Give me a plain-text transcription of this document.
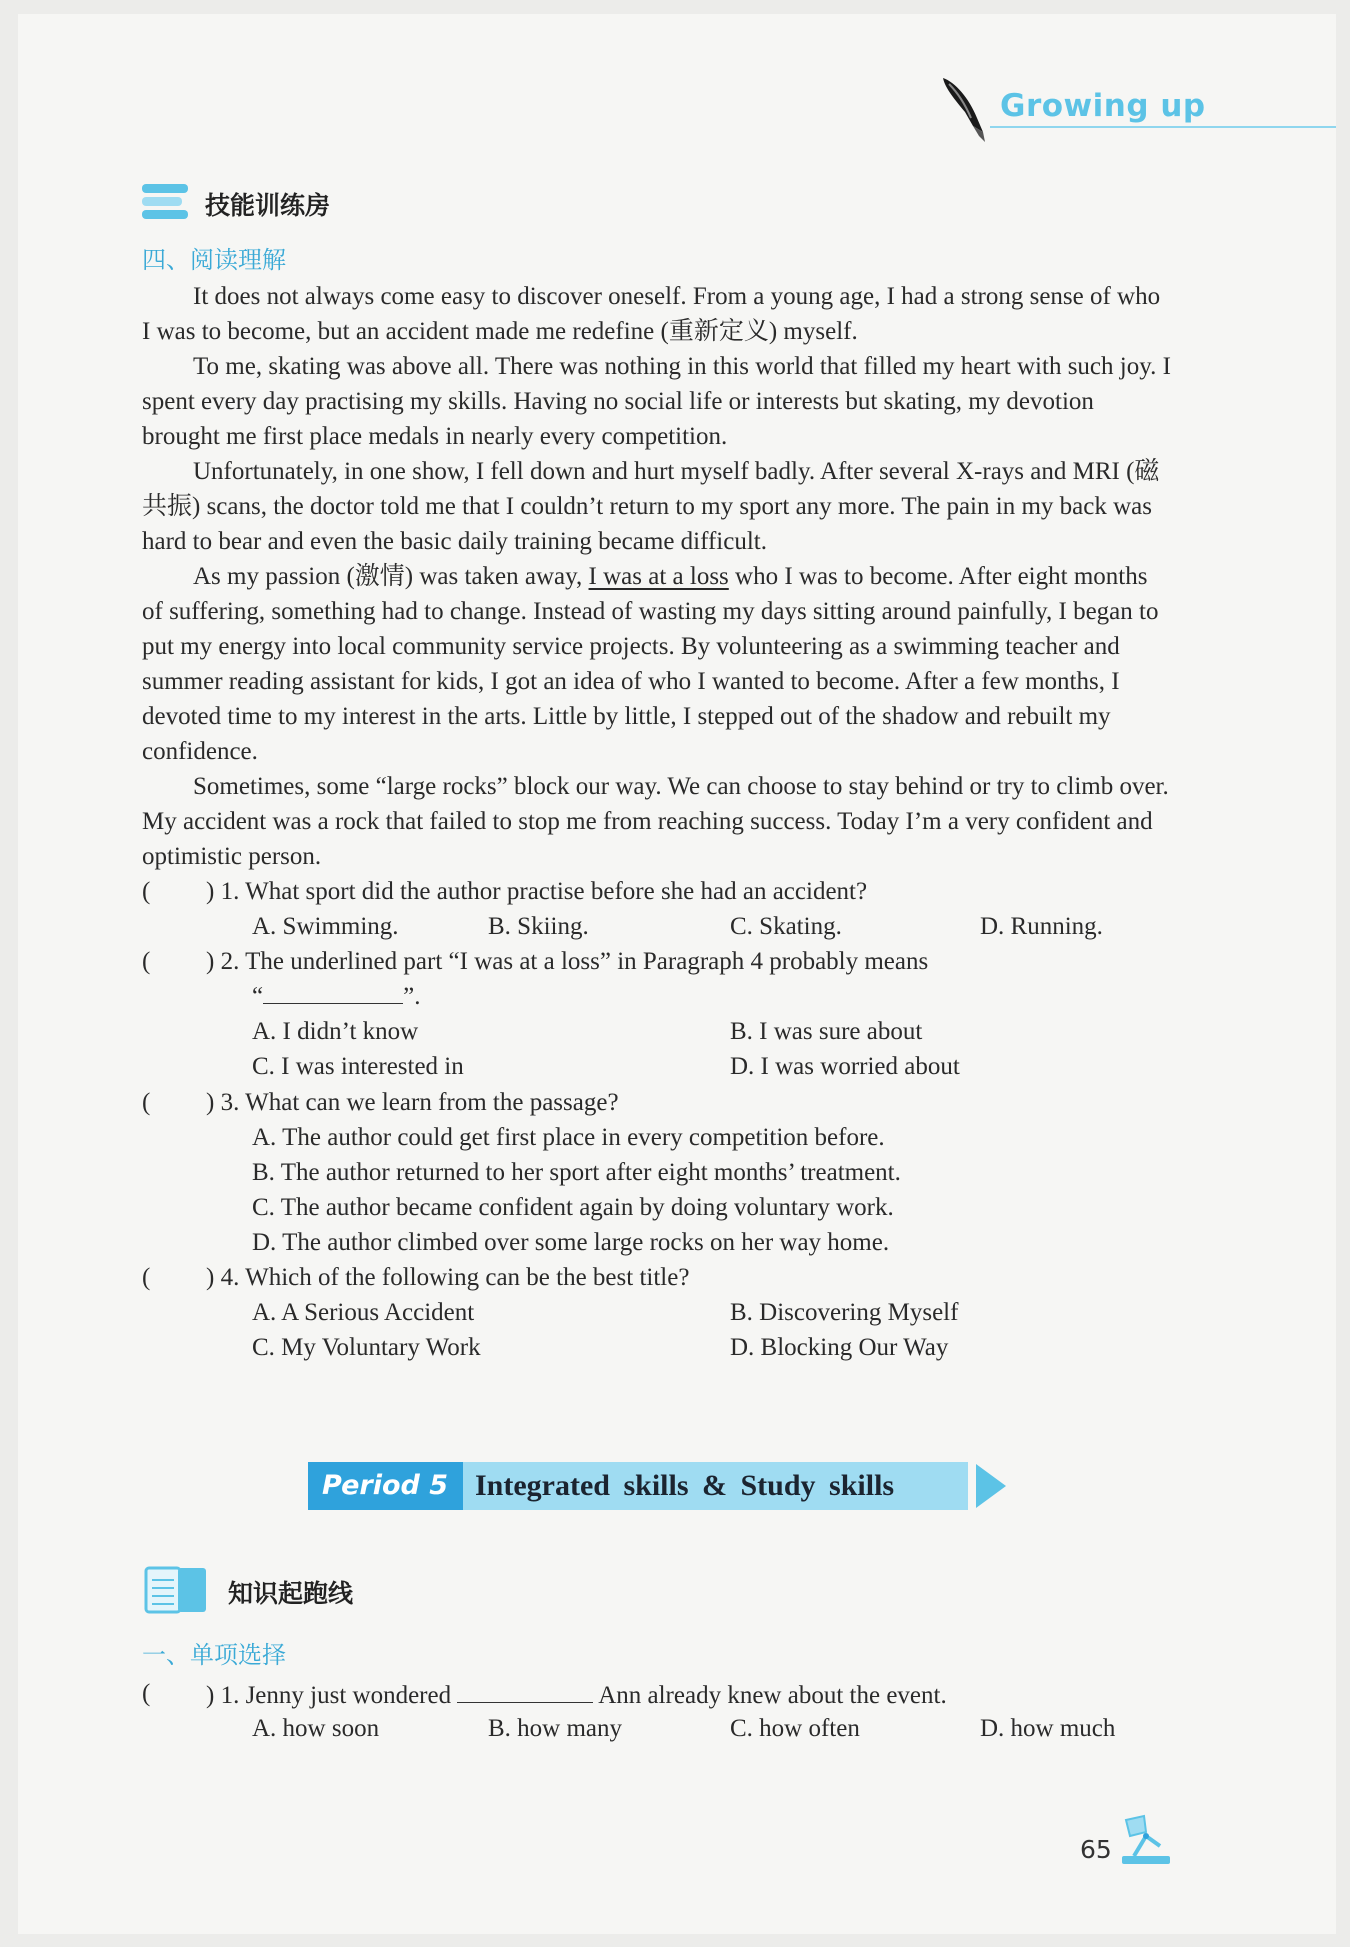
Growing up
技能训练房
四、阅读理解

It does not always come easy to discover oneself. From a young age, I had a strong sense of who I was to become, but an accident made me redefine (重新定义) myself.

To me, skating was above all. There was nothing in this world that filled my heart with such joy. I spent every day practising my skills. Having no social life or interests but skating, my devotion brought me first place medals in nearly every competition.

Unfortunately, in one show, I fell down and hurt myself badly. After several X-rays and MRI (磁共振) scans, the doctor told me that I couldn’t return to my sport any more. The pain in my back was hard to bear and even the basic daily training became difficult.

As my passion (激情) was taken away, I was at a loss who I was to become. After eight months of suffering, something had to change. Instead of wasting my days sitting around painfully, I began to put my energy into local community service projects. By volunteering as a swimming teacher and summer reading assistant for kids, I got an idea of who I wanted to become. After a few months, I devoted time to my interest in the arts. Little by little, I stepped out of the shadow and rebuilt my confidence.

Sometimes, some “large rocks” block our way. We can choose to stay behind or try to climb over. My accident was a rock that failed to stop me from reaching success. Today I’m a very confident and optimistic person.

( ) 1. What sport did the author practise before she had an accident?
A. Swimming.	B. Skiing.	C. Skating.	D. Running.
( ) 2. The underlined part “I was at a loss” in Paragraph 4 probably means
“	”.
A. I didn’t know	B. I was sure about
C. I was interested in	D. I was worried about
( ) 3. What can we learn from the passage?
A. The author could get first place in every competition before.
B. The author returned to her sport after eight months’ treatment.
C. The author became confident again by doing voluntary work.
D. The author climbed over some large rocks on her way home.
( ) 4. Which of the following can be the best title?
A. A Serious Accident	B. Discovering Myself
C. My Voluntary Work	D. Blocking Our Way
Period 5 Integrated skills & Study skills
知识起跑线
一、单项选择
( ) 1. Jenny just wondered	Ann already knew about the event.
A. how soon	B. how many	C. how often	D. how much
65
